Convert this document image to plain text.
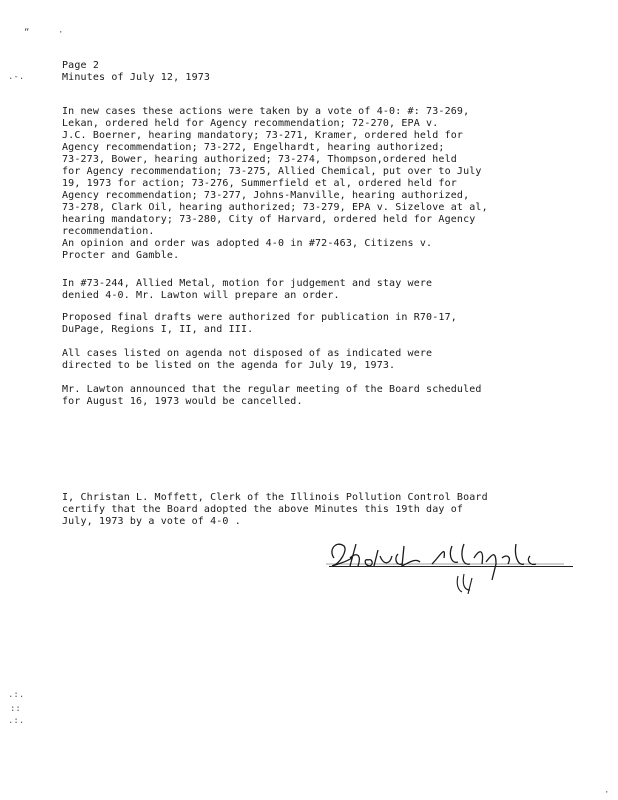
“	·
.-.
Page 2
Minutes of July 12, 1973
In new cases these actions were taken by a vote of 4-0: #: 73-269,
Lekan, ordered held for Agency recommendation; 72-270, EPA v.
J.C. Boerner, hearing mandatory; 73-271, Kramer, ordered held for
Agency recommendation; 73-272, Engelhardt, hearing authorized;
73-273, Bower, hearing authorized; 73-274, Thompson,ordered held
for Agency recommendation; 73-275, Allied Chemical, put over to July
19, 1973 for action; 73-276, Summerfield et al, ordered held for
Agency recommendation; 73-277, Johns-Manville, hearing authorized,
73-278, Clark Oil, hearing authorized; 73-279, EPA v. Sizelove at al,
hearing mandatory; 73-280, City of Harvard, ordered held for Agency
recommendation.
An opinion and order was adopted 4-0 in #72-463, Citizens v.
Procter and Gamble.
In #73-244, Allied Metal, motion for judgement and stay were
denied 4-0. Mr. Lawton will prepare an order.
Proposed final drafts were authorized for publication in R70-17,
DuPage, Regions I, II, and III.
All cases listed on agenda not disposed of as indicated were
directed to be listed on the agenda for July 19, 1973.
Mr. Lawton announced that the regular meeting of the Board scheduled
for August 16, 1973 would be cancelled.
I, Christan L. Moffett, Clerk of the Illinois Pollution Control Board
certify that the Board adopted the above Minutes this 19th day of
July, 1973 by a vote of 4-0 .
.:.
::
.:.
·
